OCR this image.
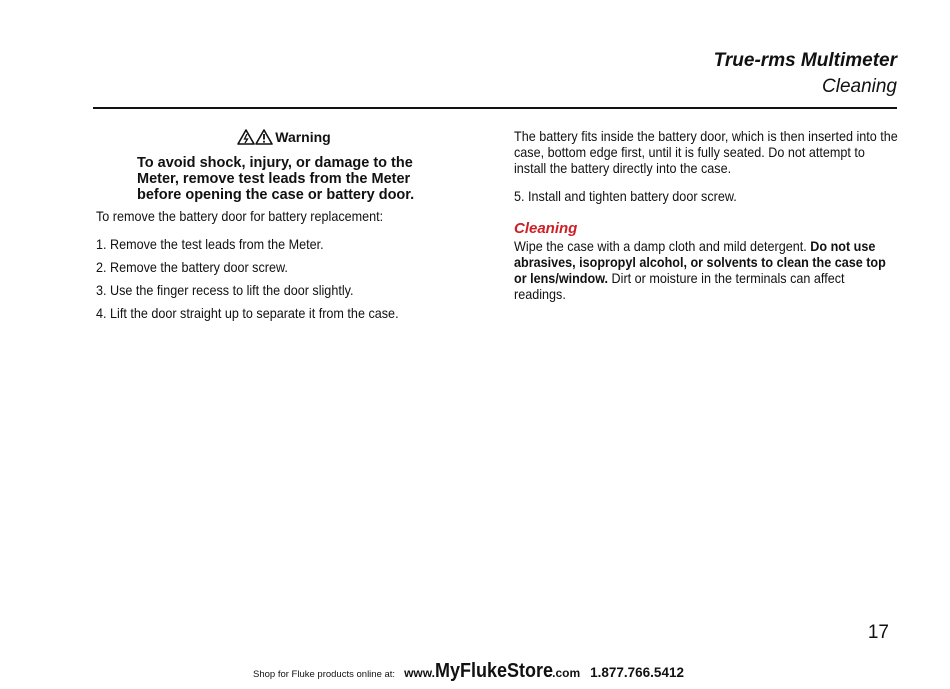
True-rms Multimeter
Cleaning
Warning
To avoid shock, injury, or damage to the Meter, remove test leads from the Meter before opening the case or battery door.
To remove the battery door for battery replacement:
1. Remove the test leads from the Meter.
2. Remove the battery door screw.
3. Use the finger recess to lift the door slightly.
4. Lift the door straight up to separate it from the case.
The battery fits inside the battery door, which is then inserted into the case, bottom edge first, until it is fully seated. Do not attempt to install the battery directly into the case.
5. Install and tighten battery door screw.
Cleaning
Wipe the case with a damp cloth and mild detergent. Do not use abrasives, isopropyl alcohol, or solvents to clean the case top or lens/window. Dirt or moisture in the terminals can affect readings.
17
Shop for Fluke products online at: www. MyFlukeStore .com 1.877.766.5412
